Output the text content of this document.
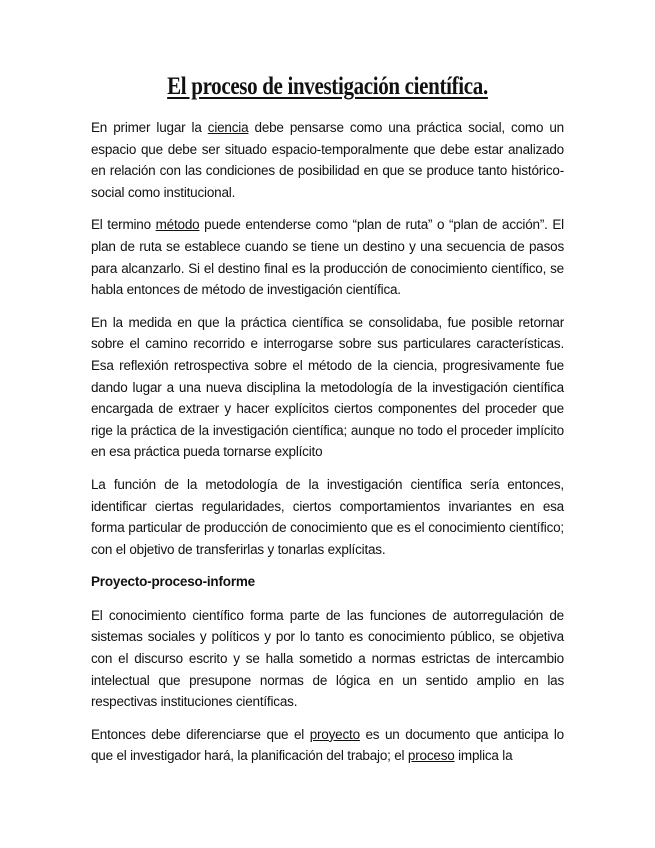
El proceso de investigación científica.

En primer lugar la ciencia debe pensarse como una práctica social, como un espacio que debe ser situado espacio-temporalmente que debe estar analizado en relación con las condiciones de posibilidad en que se produce tanto histórico-social como institucional.

El termino método puede entenderse como “plan de ruta” o “plan de acción”. El plan de ruta se establece cuando se tiene un destino y una secuencia de pasos para alcanzarlo. Si el destino final es la producción de conocimiento científico, se habla entonces de método de investigación científica.

En la medida en que la práctica científica se consolidaba, fue posible retornar sobre el camino recorrido e interrogarse sobre sus particulares características. Esa reflexión retrospectiva sobre el método de la ciencia, progresivamente fue dando lugar a una nueva disciplina la metodología de la investigación científica encargada de extraer y hacer explícitos ciertos componentes del proceder que rige la práctica de la investigación científica; aunque no todo el proceder implícito en esa práctica pueda tornarse explícito

La función de la metodología de la investigación científica sería entonces, identificar ciertas regularidades, ciertos comportamientos invariantes en esa forma particular de producción de conocimiento que es el conocimiento científico; con el objetivo de transferirlas y tonarlas explícitas.

Proyecto-proceso-informe

El conocimiento científico forma parte de las funciones de autorregulación de sistemas sociales y políticos y por lo tanto es conocimiento público, se objetiva con el discurso escrito y se halla sometido a normas estrictas de intercambio intelectual que presupone normas de lógica en un sentido amplio en las respectivas instituciones científicas.

Entonces debe diferenciarse que el proyecto es un documento que anticipa lo que el investigador hará, la planificación del trabajo; el proceso implica la
